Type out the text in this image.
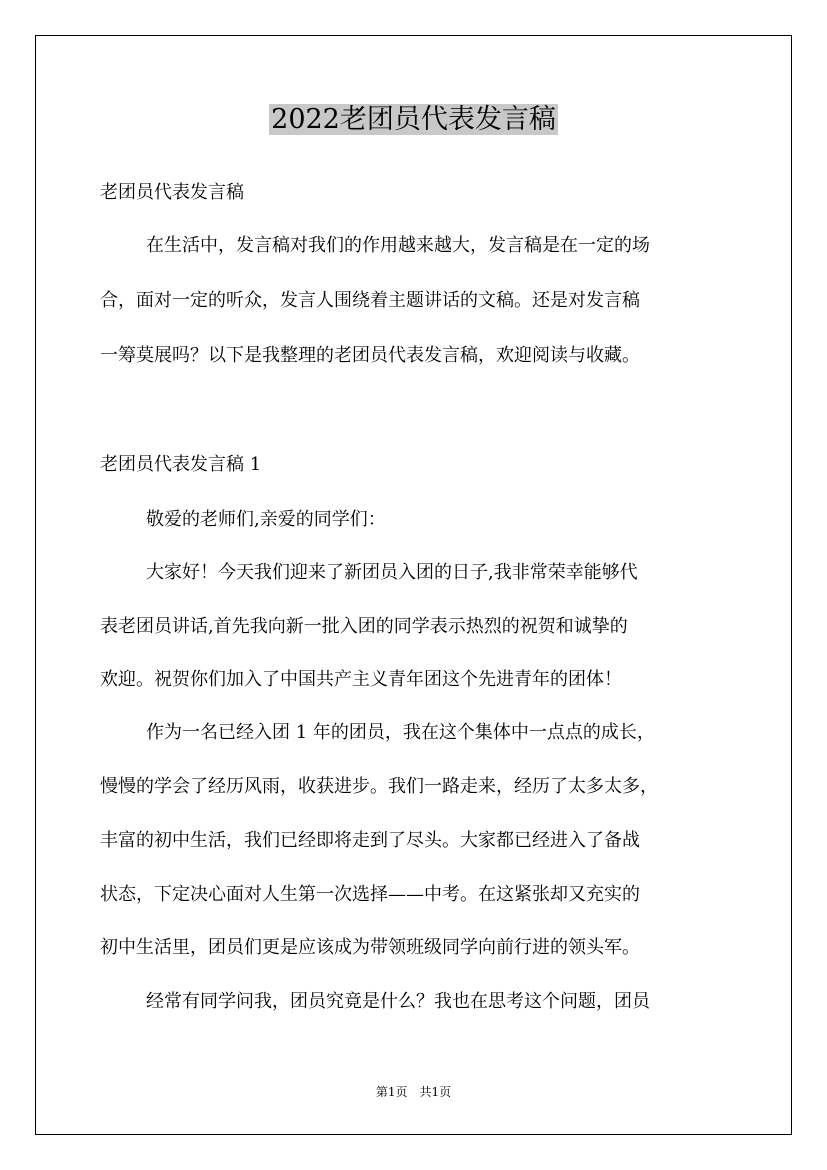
2022老团员代表发言稿

老团员代表发言稿

在生活中，发言稿对我们的作用越来越大，发言稿是在一定的场

合，面对一定的听众，发言人围绕着主题讲话的文稿。还是对发言稿

一筹莫展吗？以下是我整理的老团员代表发言稿，欢迎阅读与收藏。

老团员代表发言稿 1

敬爱的老师们,亲爱的同学们：

大家好！今天我们迎来了新团员入团的日子,我非常荣幸能够代

表老团员讲话,首先我向新一批入团的同学表示热烈的祝贺和诚挚的

欢迎。祝贺你们加入了中国共产主义青年团这个先进青年的团体！

作为一名已经入团 1 年的团员，我在这个集体中一点点的成长，

慢慢的学会了经历风雨，收获进步。我们一路走来，经历了太多太多，

丰富的初中生活，我们已经即将走到了尽头。大家都已经进入了备战

状态，下定决心面对人生第一次选择——中考。在这紧张却又充实的

初中生活里，团员们更是应该成为带领班级同学向前行进的领头军。

经常有同学问我，团员究竟是什么？我也在思考这个问题，团员

第1页　共1页
